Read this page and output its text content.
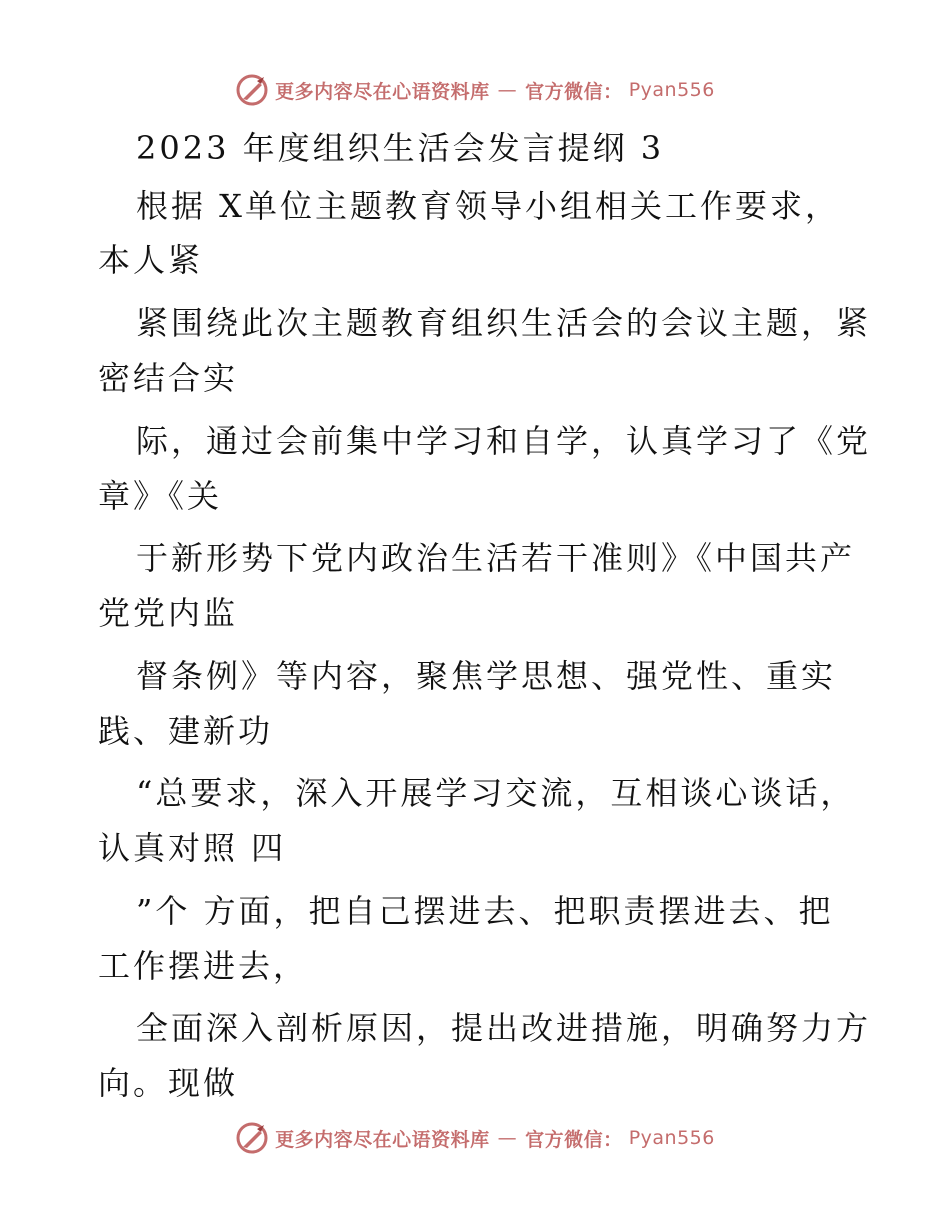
更多内容尽在心语资料库 — 官方微信： Pyan556
2023 年度组织生活会发言提纲 3
根据 X单位主题教育领导小组相关工作要求，
本人紧
紧围绕此次主题教育组织生活会的会议主题，紧
密结合实
际，通过会前集中学习和自学，认真学习了《党
章》《关
于新形势下党内政治生活若干准则》《中国共产
党党内监
督条例》等内容，聚焦学思想、强党性、重实
践、建新功
“总要求，深入开展学习交流，互相谈心谈话，
认真对照 四
”个 方面，把自己摆进去、把职责摆进去、把
工作摆进去，
全面深入剖析原因，提出改进措施，明确努力方
向。现做
更多内容尽在心语资料库 — 官方微信： Pyan556
